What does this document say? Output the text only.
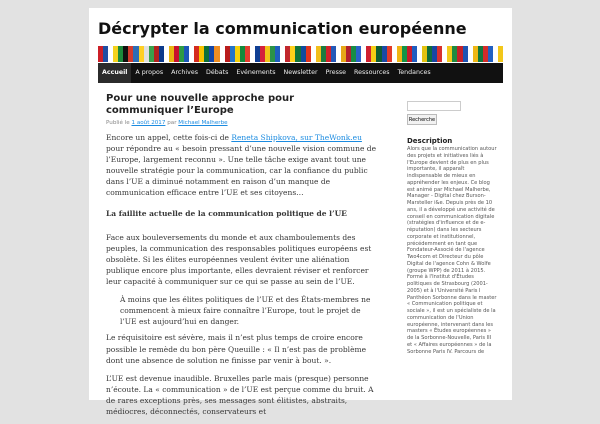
Décrypter la communication européenne
Accueil	A propos	Archives	Débats	Evénements	Newsletter	Presse	Ressources	Tendances
Pour une nouvelle approche pour communiquer l’Europe
Publié le 1 août 2017 par Michael Malherbe

Encore un appel, cette fois-ci de Reneta Shipkova, sur TheWonk.eu pour répondre au « besoin pressant d’une nouvelle vision commune de l’Europe, largement reconnu ». Une telle tâche exige avant tout une nouvelle stratégie pour la communication, car la confiance du public dans l’UE a diminué notamment en raison d’un manque de communication efficace entre l’UE et ses citoyens…

La faillite actuelle de la communication politique de l’UE

Face aux bouleversements du monde et aux chamboulements des peuples, la communication des responsables politiques européens est obsolète. Si les élites européennes veulent éviter une aliénation publique encore plus importante, elles devraient réviser et renforcer leur capacité à communiquer sur ce qui se passe au sein de l’UE.

À moins que les élites politiques de l’UE et des États-membres ne commencent à mieux faire connaître l’Europe, tout le projet de l’UE est aujourd’hui en danger.

Le réquisitoire est sévère, mais il n’est plus temps de croire encore possible le remède du bon père Queuille : « Il n’est pas de problème dont une absence de solution ne finisse par venir à bout. ».

L’UE est devenue inaudible. Bruxelles parle mais (presque) personne n’écoute. La « communication » de l’UE est perçue comme du bruit. A de rares exceptions près, ses messages sont élitistes, abstraits, médiocres, déconnectés, conservateurs et

Recherche
Description
Alors que la communication autour des projets et initiatives liés à l'Europe devient de plus en plus importante, il apparaît indispensable de mieux en appréhender les enjeux. Ce blog est animé par Michael Malherbe, Manager - Digital chez Burson-Marsteller i&e. Depuis près de 10 ans, il a développé une activité de conseil en communication digitale (stratégies d'influence et de e-réputation) dans les secteurs corporate et institutionnel, précédemment en tant que Fondateur-Associé de l'agence Two4com et Directeur du pôle Digital de l'agence Cohn & Wolfe (groupe WPP) de 2011 à 2015. Formé à l'Institut d'Études politiques de Strasbourg (2001-2005) et à l'Université Paris I Panthéon Sorbonne dans le master « Communication politique et sociale », il est un spécialiste de la communication de l'Union européenne, intervenant dans les masters « Études européennes » de la Sorbonne-Nouvelle, Paris III et « Affaires européennes » de la Sorbonne Paris IV. Parcours de
